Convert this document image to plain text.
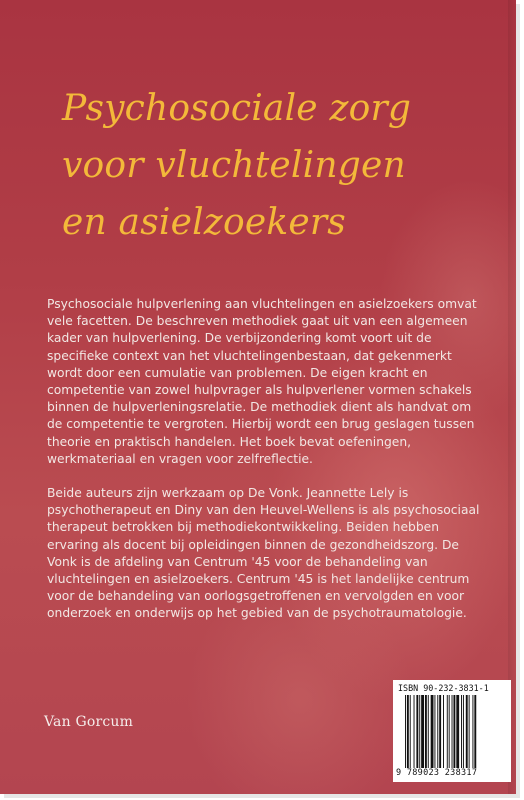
Psychosociale zorg
voor vluchtelingen
en asielzoekers

Psychosociale hulpverlening aan vluchtelingen en asielzoekers omvat
vele facetten. De beschreven methodiek gaat uit van een algemeen
kader van hulpverlening. De verbijzondering komt voort uit de
specifieke context van het vluchtelingenbestaan, dat gekenmerkt
wordt door een cumulatie van problemen. De eigen kracht en
competentie van zowel hulpvrager als hulpverlener vormen schakels
binnen de hulpverleningsrelatie. De methodiek dient als handvat om
de competentie te vergroten. Hierbij wordt een brug geslagen tussen
theorie en praktisch handelen. Het boek bevat oefeningen,
werkmateriaal en vragen voor zelfreflectie.

Beide auteurs zijn werkzaam op De Vonk. Jeannette Lely is
psychotherapeut en Diny van den Heuvel-Wellens is als psychosociaal
therapeut betrokken bij methodiekontwikkeling. Beiden hebben
ervaring als docent bij opleidingen binnen de gezondheidszorg. De
Vonk is de afdeling van Centrum '45 voor de behandeling van
vluchtelingen en asielzoekers. Centrum '45 is het landelijke centrum
voor de behandeling van oorlogsgetroffenen en vervolgden en voor
onderzoek en onderwijs op het gebied van de psychotraumatologie.

Van Gorcum
ISBN 90-232-3831-1
9 789023 238317
